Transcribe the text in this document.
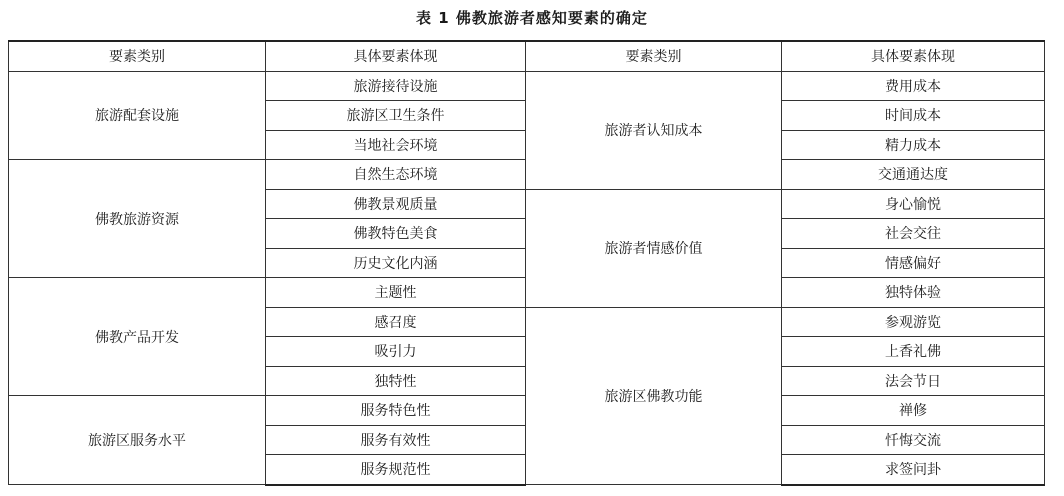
表 1 佛教旅游者感知要素的确定
要素类别	具体要素体现	要素类别	具体要素体现
旅游配套设施	旅游接待设施	旅游者认知成本	费用成本
	旅游区卫生条件		时间成本
	当地社会环境		精力成本
佛教旅游资源	自然生态环境		交通通达度
	佛教景观质量	旅游者情感价值	身心愉悦
	佛教特色美食		社会交往
	历史文化内涵		情感偏好
佛教产品开发	主题性		独特体验
	感召度	旅游区佛教功能	参观游览
	吸引力		上香礼佛
	独特性		法会节日
旅游区服务水平	服务特色性		禅修
	服务有效性		忏悔交流
	服务规范性		求签问卦
